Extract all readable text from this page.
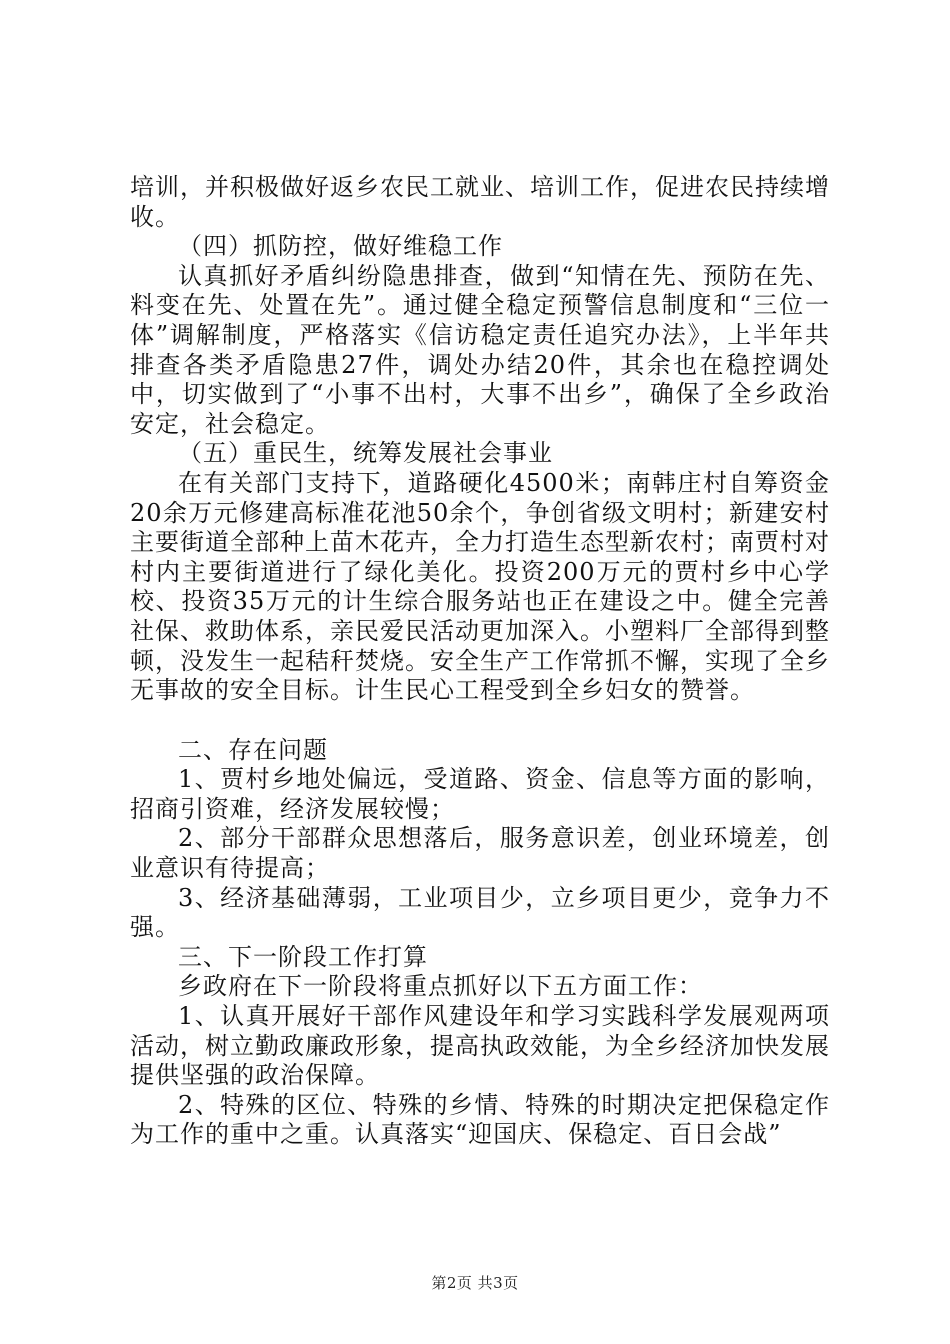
培训，并积极做好返乡农民工就业、培训工作，促进农民持续增收。

（四）抓防控，做好维稳工作

认真抓好矛盾纠纷隐患排查，做到“知情在先、预防在先、料变在先、处置在先”。通过健全稳定预警信息制度和“三位一体”调解制度，严格落实《信访稳定责任追究办法》，上半年共排查各类矛盾隐患27件，调处办结20件，其余也在稳控调处中，切实做到了“小事不出村，大事不出乡”，确保了全乡政治安定，社会稳定。

（五）重民生，统筹发展社会事业

在有关部门支持下，道路硬化4500米；南韩庄村自筹资金20余万元修建高标准花池50余个，争创省级文明村；新建安村主要街道全部种上苗木花卉，全力打造生态型新农村；南贾村对村内主要街道进行了绿化美化。投资200万元的贾村乡中心学校、投资35万元的计生综合服务站也正在建设之中。健全完善社保、救助体系，亲民爱民活动更加深入。小塑料厂全部得到整顿，没发生一起秸秆焚烧。安全生产工作常抓不懈，实现了全乡无事故的安全目标。计生民心工程受到全乡妇女的赞誉。

二、存在问题

1、贾村乡地处偏远，受道路、资金、信息等方面的影响，招商引资难，经济发展较慢；

2、部分干部群众思想落后，服务意识差，创业环境差，创业意识有待提高；

3、经济基础薄弱，工业项目少，立乡项目更少，竞争力不强。

三、下一阶段工作打算

乡政府在下一阶段将重点抓好以下五方面工作：

1、认真开展好干部作风建设年和学习实践科学发展观两项活动，树立勤政廉政形象，提高执政效能，为全乡经济加快发展提供坚强的政治保障。

2、特殊的区位、特殊的乡情、特殊的时期决定把保稳定作为工作的重中之重。认真落实“迎国庆、保稳定、百日会战”

第2页 共3页
